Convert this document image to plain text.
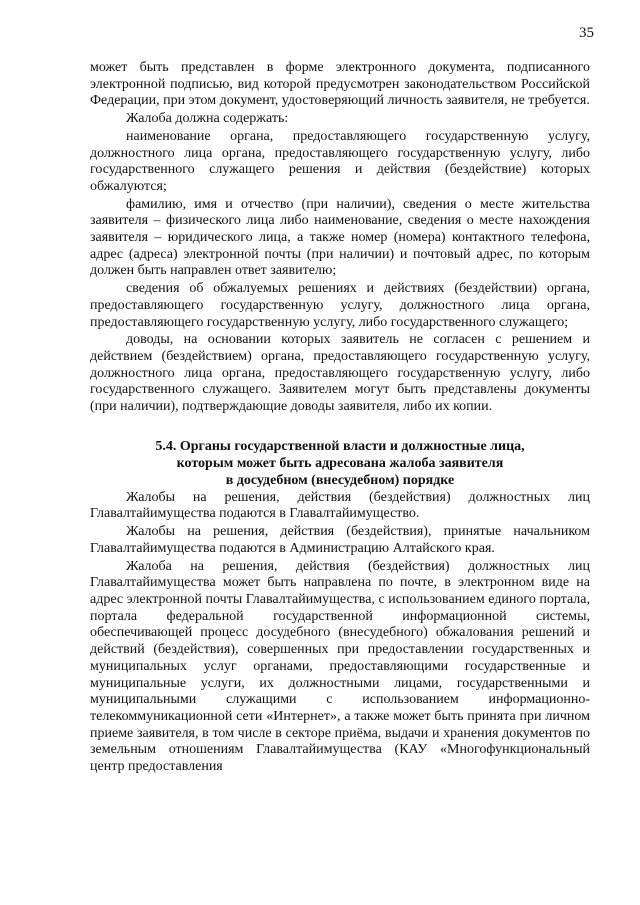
35

может быть представлен в форме электронного документа, подписанного электронной подписью, вид которой предусмотрен законодательством Российской Федерации, при этом документ, удостоверяющий личность заявителя, не требуется.

Жалоба должна содержать:

наименование органа, предоставляющего государственную услугу, должностного лица органа, предоставляющего государственную услугу, либо государственного служащего решения и действия (бездействие) которых обжалуются;

фамилию, имя и отчество (при наличии), сведения о месте жительства заявителя – физического лица либо наименование, сведения о месте нахождения заявителя – юридического лица, а также номер (номера) контактного телефона, адрес (адреса) электронной почты (при наличии) и почтовый адрес, по которым должен быть направлен ответ заявителю;

сведения об обжалуемых решениях и действиях (бездействии) органа, предоставляющего государственную услугу, должностного лица органа, предоставляющего государственную услугу, либо государственного служащего;

доводы, на основании которых заявитель не согласен с решением и действием (бездействием) органа, предоставляющего государственную услугу, должностного лица органа, предоставляющего государственную услугу, либо государственного служащего. Заявителем могут быть представлены документы (при наличии), подтверждающие доводы заявителя, либо их копии.

5.4. Органы государственной власти и должностные лица,
которым может быть адресована жалоба заявителя
в досудебном (внесудебном) порядке

Жалобы на решения, действия (бездействия) должностных лиц Главалтайимущества подаются в Главалтайимущество.

Жалобы на решения, действия (бездействия), принятые начальником Главалтайимущества подаются в Администрацию Алтайского края.

Жалоба на решения, действия (бездействия) должностных лиц Главалтайимущества может быть направлена по почте, в электронном виде на адрес электронной почты Главалтайимущества, с использованием единого портала, портала федеральной государственной информационной системы, обеспечивающей процесс досудебного (внесудебного) обжалования решений и действий (бездействия), совершенных при предоставлении государственных и муниципальных услуг органами, предоставляющими государственные и муниципальные услуги, их должностными лицами, государственными и муниципальными служащими с использованием информационно-телекоммуникационной сети «Интернет», а также может быть принята при личном приеме заявителя, в том числе в секторе приёма, выдачи и хранения документов по земельным отношениям Главалтайимущества (КАУ «Многофункциональный центр предоставления
